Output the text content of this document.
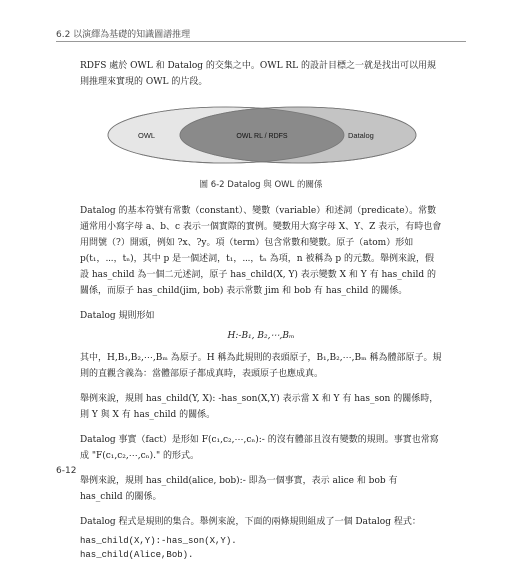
6.2 以演繹為基礎的知識圖譜推理

RDFS 處於 OWL 和 Datalog 的交集之中。OWL RL 的設計目標之一就是找出可以用規則推理來實現的 OWL 的片段。

OWL	OWL RL / RDFS	Datalog
圖 6-2 Datalog 與 OWL 的關係

Datalog 的基本符號有常數（constant）、變數（variable）和述詞（predicate）。常數通常用小寫字母 a、b、c 表示一個實際的實例。變數用大寫字母 X、Y、Z 表示，有時也會用問號（?）開頭，例如 ?x、?y。項（term）包含常數和變數。原子（atom）形如 p(t₁，⋯，tₙ)，其中 p 是一個述詞，t₁，⋯，tₙ 為項，n 被稱為 p 的元數。舉例來說，假設 has_child 為一個二元述詞，原子 has_child(X, Y) 表示變數 X 和 Y 有 has_child 的關係，而原子 has_child(jim, bob) 表示常數 jim 和 bob 有 has_child 的關係。

Datalog 規則形如

H:-B₁, B₂,⋯,Bₘ

其中，H,B₁,B₂,⋯,Bₘ 為原子。H 稱為此規則的表頭原子，B₁,B₂,⋯,Bₘ 稱為體部原子。規則的直觀含義為：當體部原子都成真時，表頭原子也應成真。

舉例來說，規則 has_child(Y, X): -has_son(X,Y) 表示當 X 和 Y 有 has_son 的關係時，則 Y 與 X 有 has_child 的關係。

Datalog 事實（fact）是形如 F(c₁,c₂,⋯,cₙ):- 的沒有體部且沒有變數的規則。事實也常寫成 "F(c₁,c₂,⋯,cₙ)." 的形式。

舉例來說，規則 has_child(alice, bob):- 即為一個事實，表示 alice 和 bob 有 has_child 的關係。

Datalog 程式是規則的集合。舉例來說，下面的兩條規則組成了一個 Datalog 程式：

has_child(X,Y):-has_son(X,Y).
has_child(Alice,Bob).
6-12
